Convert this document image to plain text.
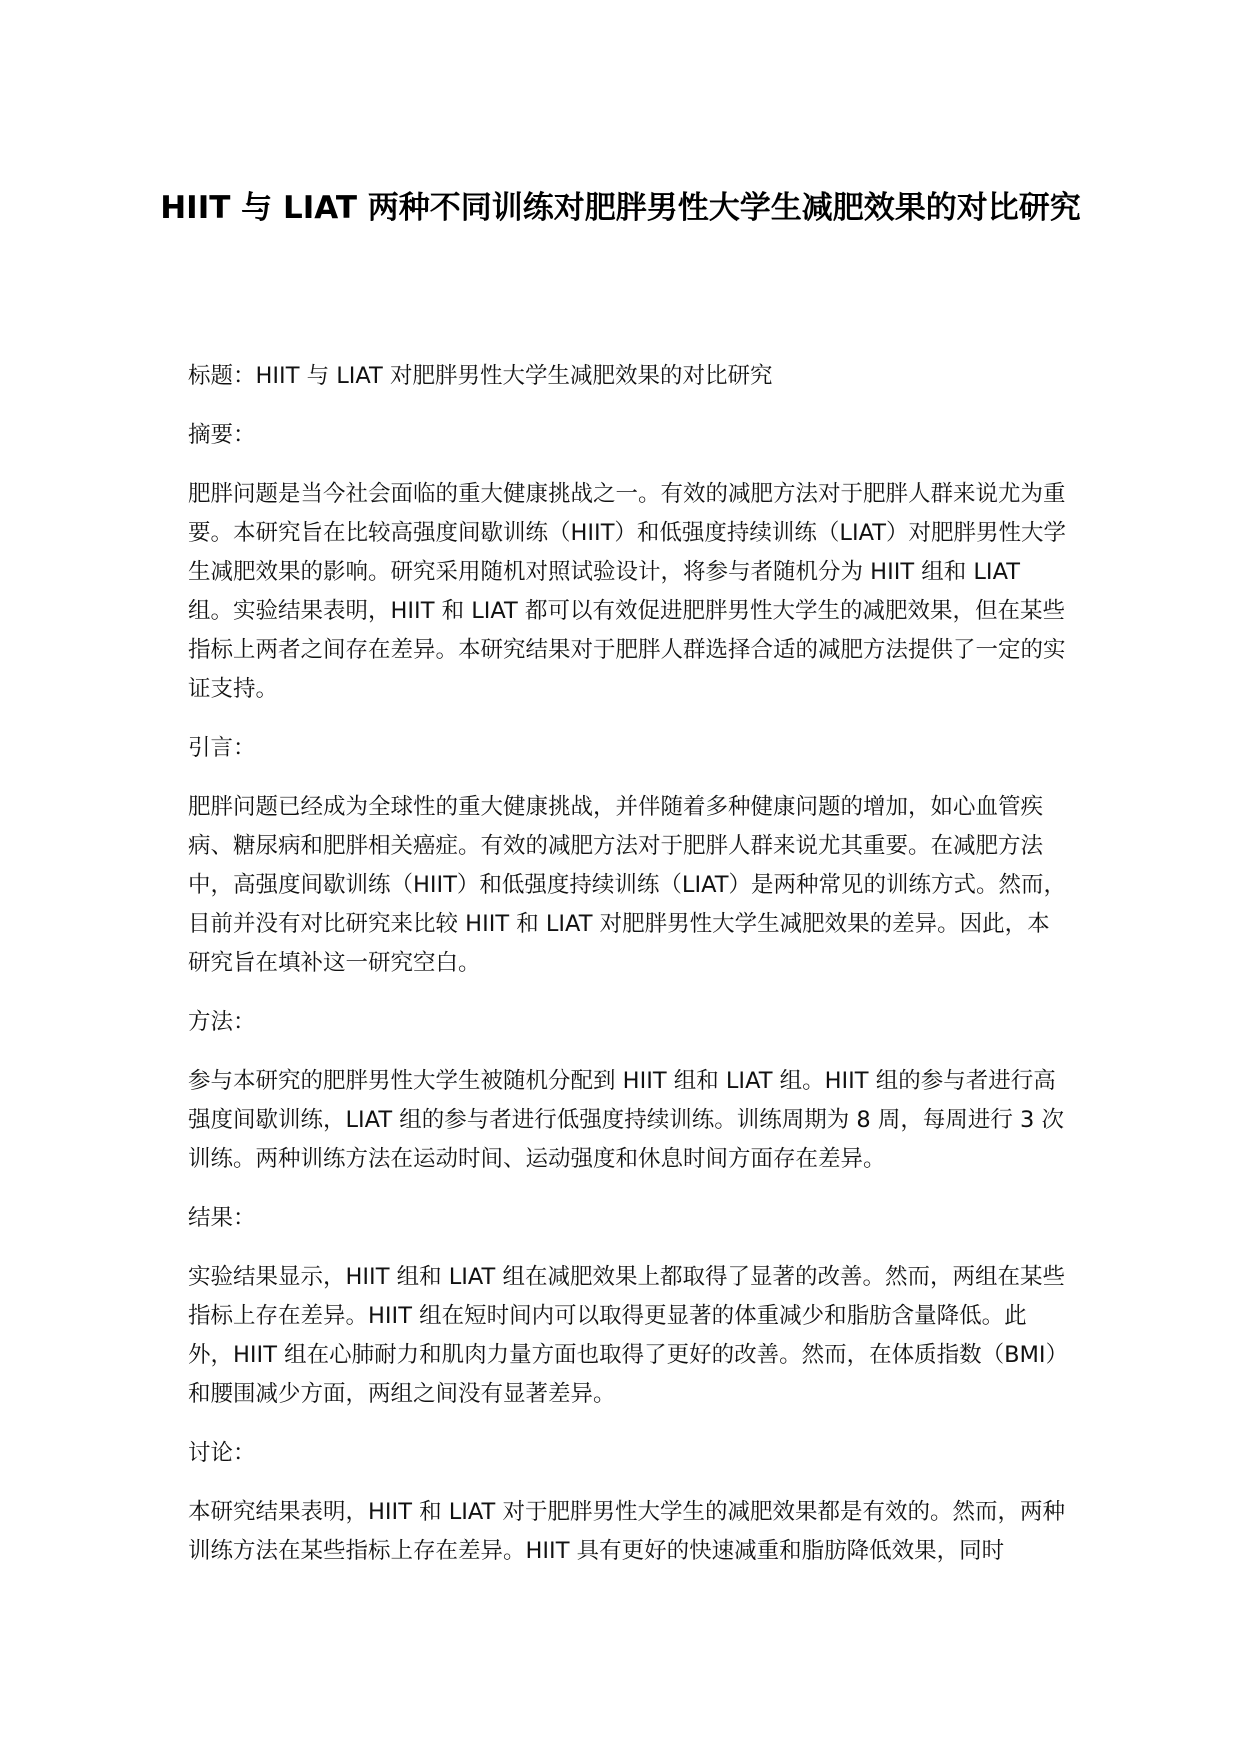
HIIT 与 LIAT 两种不同训练对肥胖男性大学生减肥效果的对比研究

标题：HIIT 与 LIAT 对肥胖男性大学生减肥效果的对比研究

摘要：

肥胖问题是当今社会面临的重大健康挑战之一。有效的减肥方法对于肥胖人群来说尤为重要。本研究旨在比较高强度间歇训练（HIIT）和低强度持续训练（LIAT）对肥胖男性大学生减肥效果的影响。研究采用随机对照试验设计，将参与者随机分为 HIIT 组和 LIAT 组。实验结果表明，HIIT 和 LIAT 都可以有效促进肥胖男性大学生的减肥效果，但在某些指标上两者之间存在差异。本研究结果对于肥胖人群选择合适的减肥方法提供了一定的实证支持。

引言：

肥胖问题已经成为全球性的重大健康挑战，并伴随着多种健康问题的增加，如心血管疾病、糖尿病和肥胖相关癌症。有效的减肥方法对于肥胖人群来说尤其重要。在减肥方法中，高强度间歇训练（HIIT）和低强度持续训练（LIAT）是两种常见的训练方式。然而，目前并没有对比研究来比较 HIIT 和 LIAT 对肥胖男性大学生减肥效果的差异。因此，本研究旨在填补这一研究空白。

方法：

参与本研究的肥胖男性大学生被随机分配到 HIIT 组和 LIAT 组。HIIT 组的参与者进行高强度间歇训练，LIAT 组的参与者进行低强度持续训练。训练周期为 8 周，每周进行 3 次训练。两种训练方法在运动时间、运动强度和休息时间方面存在差异。

结果：

实验结果显示，HIIT 组和 LIAT 组在减肥效果上都取得了显著的改善。然而，两组在某些指标上存在差异。HIIT 组在短时间内可以取得更显著的体重减少和脂肪含量降低。此外，HIIT 组在心肺耐力和肌肉力量方面也取得了更好的改善。然而，在体质指数（BMI）和腰围减少方面，两组之间没有显著差异。

讨论：

本研究结果表明，HIIT 和 LIAT 对于肥胖男性大学生的减肥效果都是有效的。然而，两种训练方法在某些指标上存在差异。HIIT 具有更好的快速减重和脂肪降低效果，同时
